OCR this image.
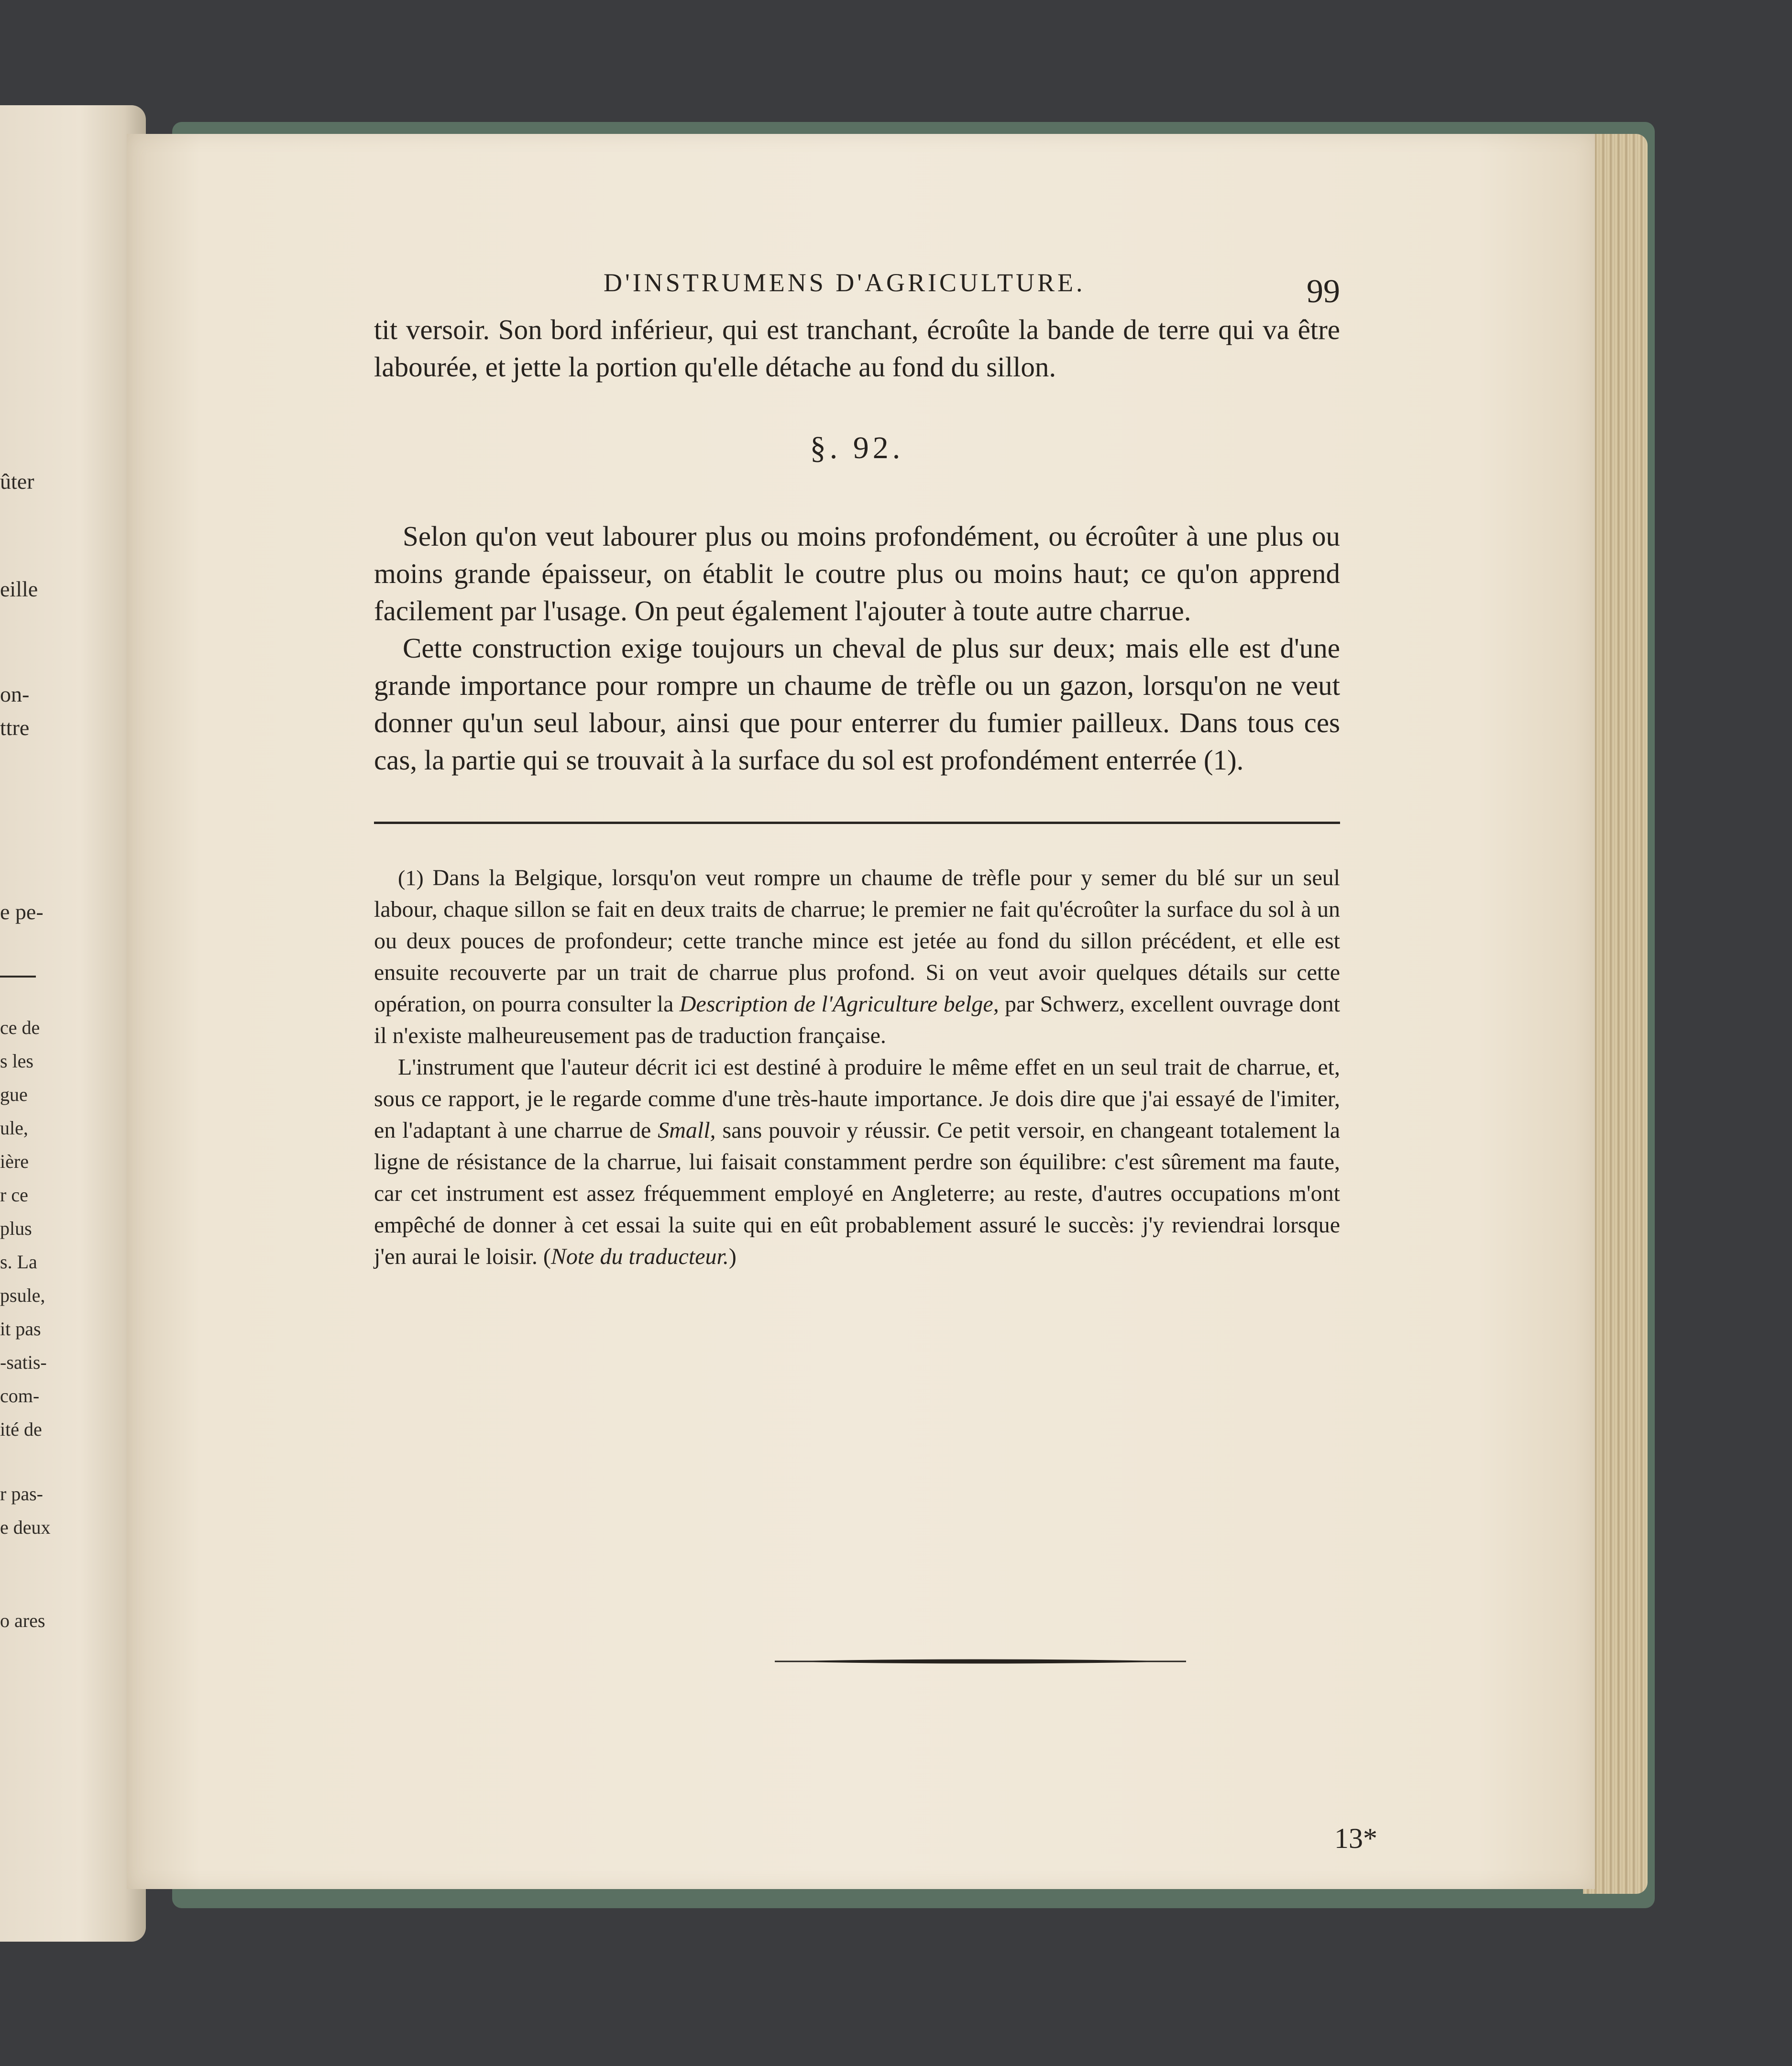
ûter
eille
on-
ttre
e pe-
ce de
s les
gue
ule,
ière
r ce
plus
s. La
psule,
it pas
-satis-
com-
ité de
r pas-
e deux
o ares
13*
D'INSTRUMENS D'AGRICULTURE.	99

tit versoir. Son bord inférieur, qui est tranchant, écroûte la bande de terre qui va être labourée, et jette la portion qu'elle détache au fond du sillon.

§. 92.

Selon qu'on veut labourer plus ou moins profondément, ou écroûter à une plus ou moins grande épaisseur, on établit le coutre plus ou moins haut; ce qu'on apprend facilement par l'usage. On peut également l'ajouter à toute autre charrue.

Cette construction exige toujours un cheval de plus sur deux; mais elle est d'une grande importance pour rompre un chaume de trèfle ou un gazon, lorsqu'on ne veut donner qu'un seul labour, ainsi que pour enterrer du fumier pailleux. Dans tous ces cas, la partie qui se trouvait à la surface du sol est profondément enterrée (1).

(1) Dans la Belgique, lorsqu'on veut rompre un chaume de trèfle pour y semer du blé sur un seul labour, chaque sillon se fait en deux traits de charrue; le premier ne fait qu'écroûter la surface du sol à un ou deux pouces de profondeur; cette tranche mince est jetée au fond du sillon précédent, et elle est ensuite recouverte par un trait de charrue plus profond. Si on veut avoir quelques détails sur cette opération, on pourra consulter la Description de l'Agriculture belge, par Schwerz, excellent ouvrage dont il n'existe malheureusement pas de traduction française.

L'instrument que l'auteur décrit ici est destiné à produire le même effet en un seul trait de charrue, et, sous ce rapport, je le regarde comme d'une très-haute importance. Je dois dire que j'ai essayé de l'imiter, en l'adaptant à une charrue de Small, sans pouvoir y réussir. Ce petit versoir, en changeant totalement la ligne de résistance de la charrue, lui faisait constamment perdre son équilibre: c'est sûrement ma faute, car cet instrument est assez fréquemment employé en Angleterre; au reste, d'autres occupations m'ont empêché de donner à cet essai la suite qui en eût probablement assuré le succès: j'y reviendrai lorsque j'en aurai le loisir. (Note du traducteur.)
